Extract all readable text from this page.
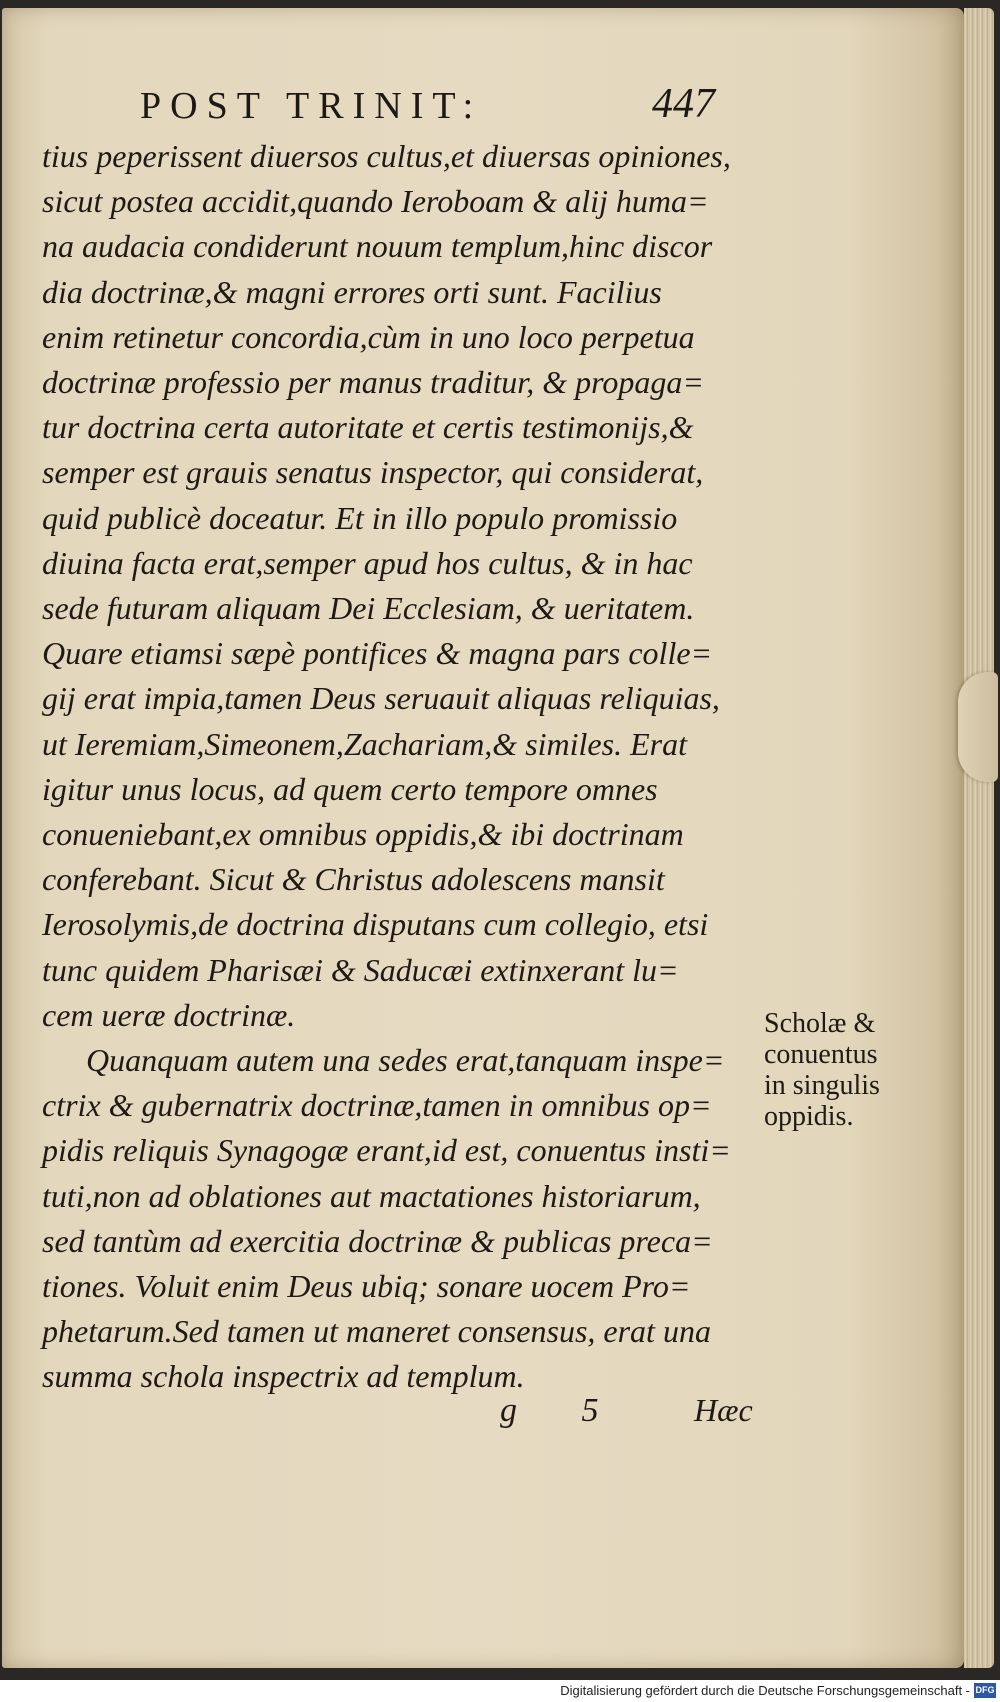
POST TRINIT:	447
tius peperissent diuersos cultus,et diuersas opiniones,
sicut postea accidit,quando Ieroboam & alij huma=
na audacia condiderunt nouum templum,hinc discor
dia doctrinæ,& magni errores orti sunt. Facilius
enim retinetur concordia,cùm in uno loco perpetua
doctrinæ professio per manus traditur, & propaga=
tur doctrina certa autoritate et certis testimonijs,&
semper est grauis senatus inspector, qui considerat,
quid publicè doceatur. Et in illo populo promissio
diuina facta erat,semper apud hos cultus, & in hac
sede futuram aliquam Dei Ecclesiam, & ueritatem.
Quare etiamsi sæpè pontifices & magna pars colle=
gij erat impia,tamen Deus seruauit aliquas reliquias,
ut Ieremiam,Simeonem,Zachariam,& similes. Erat
igitur unus locus, ad quem certo tempore omnes
conueniebant,ex omnibus oppidis,& ibi doctrinam
conferebant. Sicut & Christus adolescens mansit
Ierosolymis,de doctrina disputans cum collegio, etsi
tunc quidem Pharisæi & Saducæi extinxerant lu=
cem ueræ doctrinæ.
Quanquam autem una sedes erat,tanquam inspe=
ctrix & gubernatrix doctrinæ,tamen in omnibus op=
pidis reliquis Synagogæ erant,id est, conuentus insti=
tuti,non ad oblationes aut mactationes historiarum,
sed tantùm ad exercitia doctrinæ & publicas preca=
tiones. Voluit enim Deus ubiq; sonare uocem Pro=
phetarum.Sed tamen ut maneret consensus, erat una
summa schola inspectrix ad templum.
Scholæ &
conuentus
in singulis
oppidis.
g 5 Hæc
Digitalisierung gefördert durch die Deutsche Forschungsgemeinschaft - DFG
